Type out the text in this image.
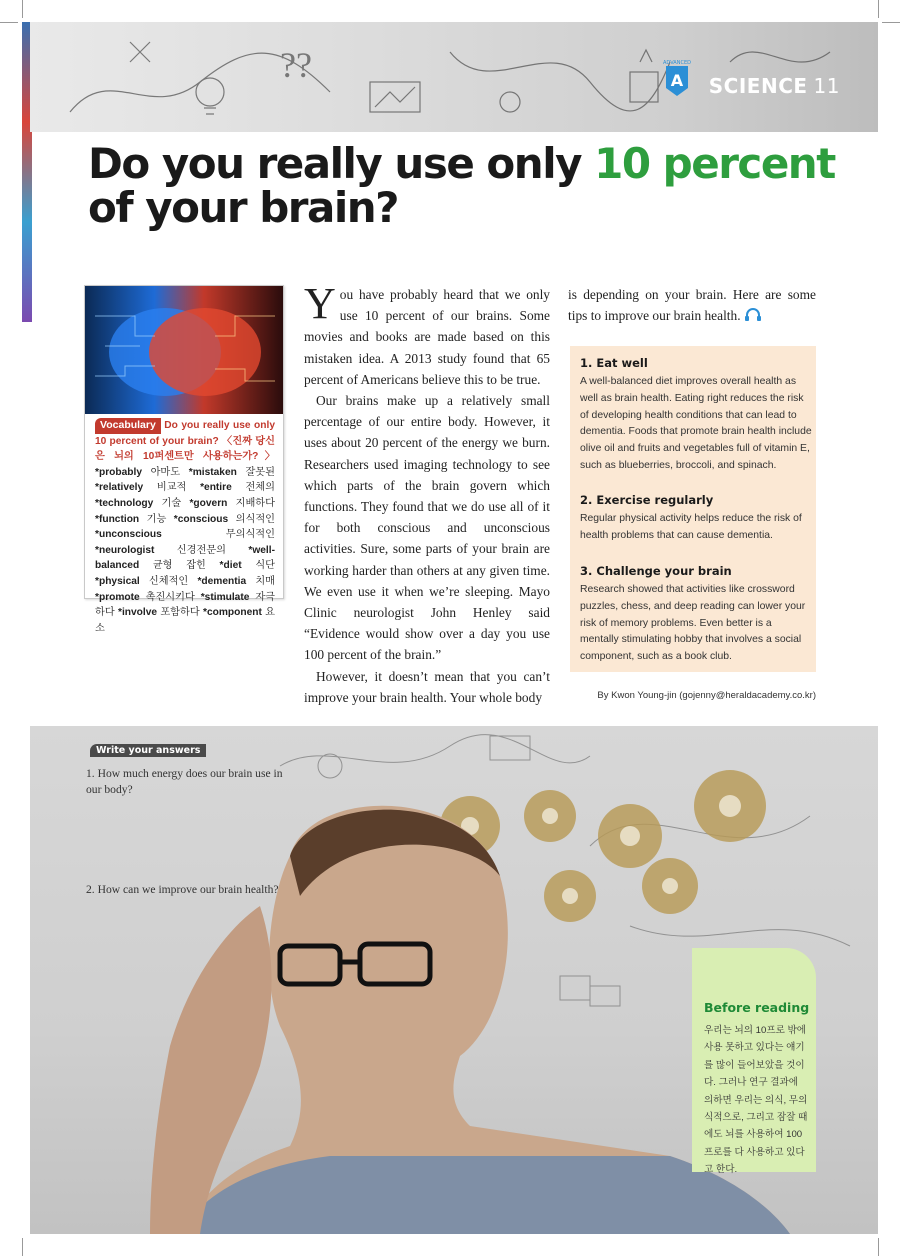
??	A
ADVANCED
SCIENCE 11
Do you really use only 10 percent
of your brain?
Vocabulary Do you really use only 10 percent of your brain? 〈진짜 당신은 뇌의 10퍼센트만 사용하는가?〉 *probably 아마도 *mistaken 잘못된 *relatively 비교적 *entire 전체의 *technology 기술 *govern 지배하다 *function 기능 *conscious 의식적인 *unconscious 무의식적인 *neurologist 신경전문의 *well-balanced 균형 잡힌 *diet 식단 *physical 신체적인 *dementia 치매 *promote 촉진시키다 *stimulate 자극하다 *involve 포함하다 *component 요소

You have probably heard that we only use 10 percent of our brains. Some movies and books are made based on this mistaken idea. A 2013 study found that 65 percent of Americans believe this to be true.

Our brains make up a relatively small percentage of our entire body. However, it uses about 20 percent of the energy we burn. Researchers used imaging technology to see which parts of the brain govern which functions. They found that we do use all of it for both conscious and unconscious activities. Sure, some parts of your brain are working harder than others at any given time. We even use it when we’re sleeping. Mayo Clinic neurologist John Henley said “Evidence would show over a day you use 100 percent of the brain.”

However, it doesn’t mean that you can’t improve your brain health. Your whole body

is depending on your brain. Here are some tips to improve our brain health.

1. Eat well
A well-balanced diet improves overall health as well as brain health. Eating right reduces the risk of developing health conditions that can lead to dementia. Foods that promote brain health include olive oil and fruits and vegetables full of vitamin E, such as blueberries, broccoli, and spinach.
2. Exercise regularly
Regular physical activity helps reduce the risk of health problems that can cause dementia.
3. Challenge your brain
Research showed that activities like crossword puzzles, chess, and deep reading can lower your risk of memory problems. Even better is a mentally stimulating hobby that involves a social component, such as a book club.
By Kwon Young-jin (gojenny@heraldacademy.co.kr)
Write your answers
1. How much energy does our brain use in our body?
2. How can we improve our brain health?
Before reading
우리는 뇌의 10프로 밖에 사용 못하고 있다는 얘기를 많이 들어보았을 것이다. 그러나 연구 결과에 의하면 우리는 의식, 무의식적으로, 그리고 잠잘 때에도 뇌를 사용하여 100프로를 다 사용하고 있다고 한다.
